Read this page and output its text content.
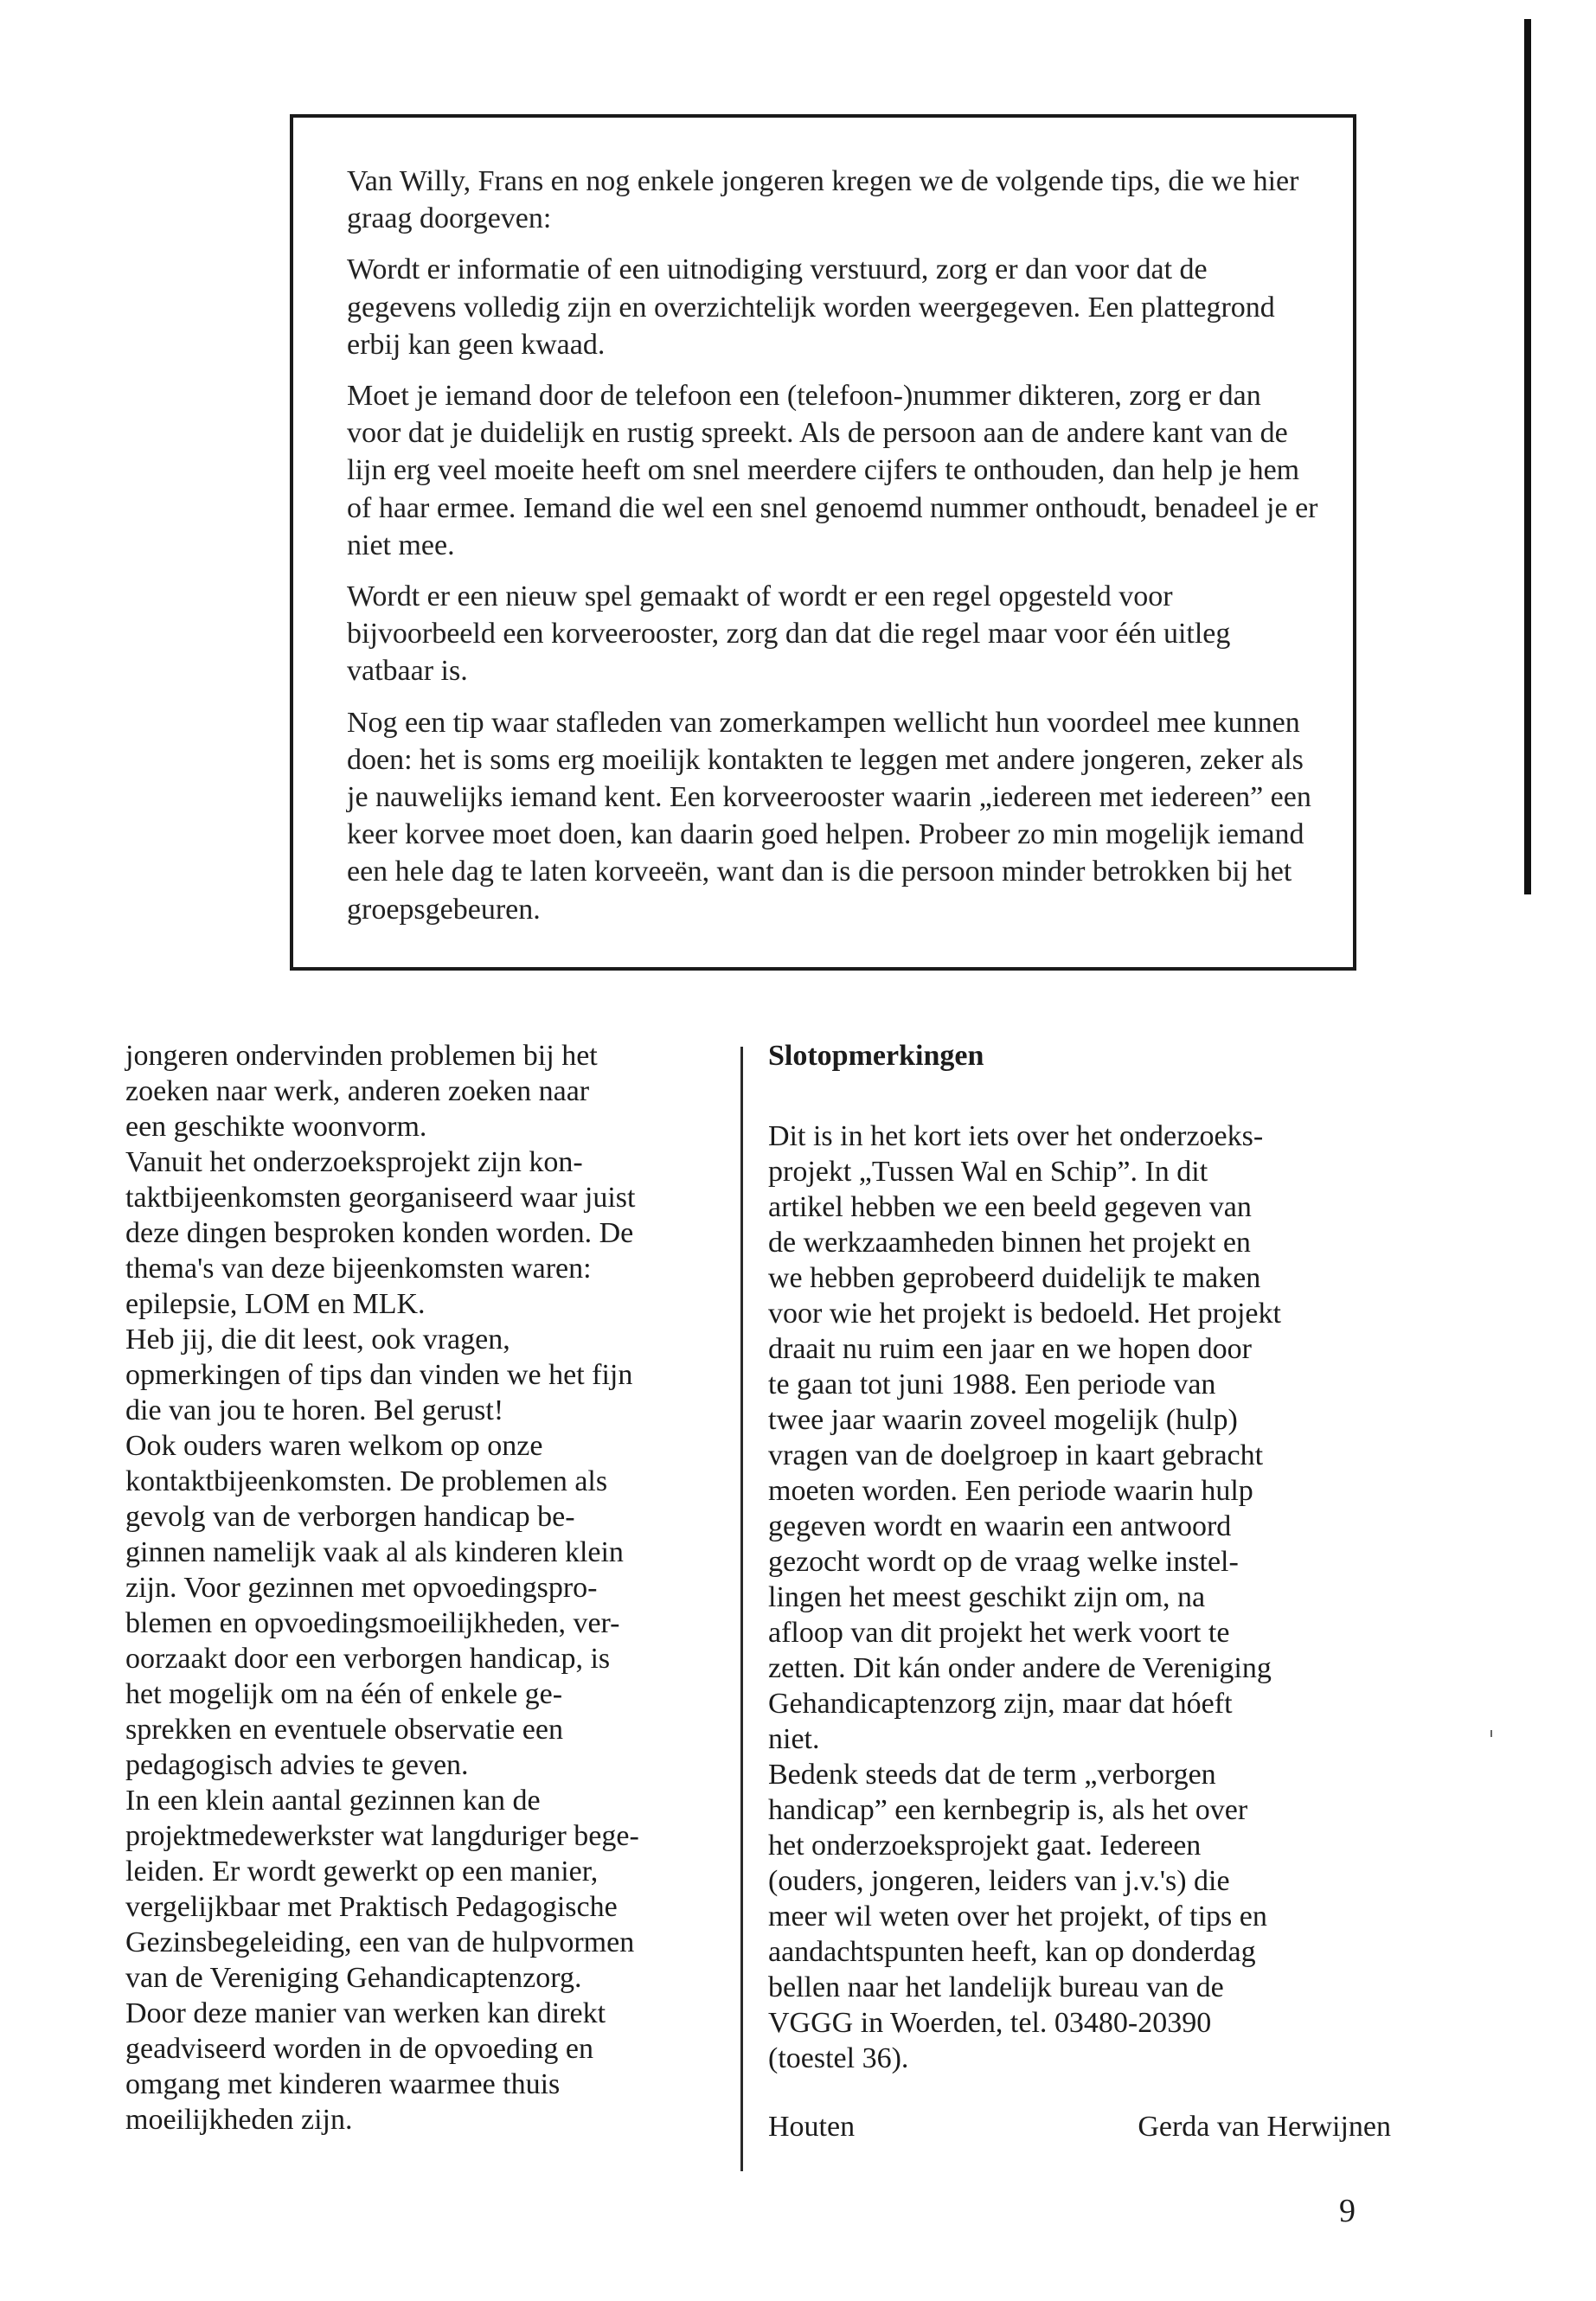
Van Willy, Frans en nog enkele jongeren kregen we de volgende tips, die we hier graag doorgeven:

Wordt er informatie of een uitnodiging verstuurd, zorg er dan voor dat de gegevens volledig zijn en overzichtelijk worden weergegeven. Een plattegrond erbij kan geen kwaad.

Moet je iemand door de telefoon een (telefoon-)nummer dikteren, zorg er dan voor dat je duidelijk en rustig spreekt. Als de persoon aan de andere kant van de lijn erg veel moeite heeft om snel meerdere cijfers te onthouden, dan help je hem of haar ermee. Iemand die wel een snel genoemd nummer onthoudt, benadeel je er niet mee.

Wordt er een nieuw spel gemaakt of wordt er een regel opgesteld voor bijvoorbeeld een korveerooster, zorg dan dat die regel maar voor één uitleg vatbaar is.

Nog een tip waar stafleden van zomerkampen wellicht hun voordeel mee kunnen doen: het is soms erg moeilijk kontakten te leggen met andere jongeren, zeker als je nauwelijks iemand kent. Een korveerooster waarin „iedereen met iedereen” een keer korvee moet doen, kan daarin goed helpen. Probeer zo min mogelijk iemand een hele dag te laten korveeën, want dan is die persoon minder betrokken bij het groepsgebeuren.

jongeren ondervinden problemen bij het

zoeken naar werk, anderen zoeken naar

een geschikte woonvorm.

Vanuit het onderzoeksprojekt zijn kon-

taktbijeenkomsten georganiseerd waar juist

deze dingen besproken konden worden. De

thema's van deze bijeenkomsten waren:

epilepsie, LOM en MLK.

Heb jij, die dit leest, ook vragen,

opmerkingen of tips dan vinden we het fijn

die van jou te horen. Bel gerust!

Ook ouders waren welkom op onze

kontaktbijeenkomsten. De problemen als

gevolg van de verborgen handicap be-

ginnen namelijk vaak al als kinderen klein

zijn. Voor gezinnen met opvoedingspro-

blemen en opvoedingsmoeilijkheden, ver-

oorzaakt door een verborgen handicap, is

het mogelijk om na één of enkele ge-

sprekken en eventuele observatie een

pedagogisch advies te geven.

In een klein aantal gezinnen kan de

projektmedewerkster wat langduriger bege-

leiden. Er wordt gewerkt op een manier,

vergelijkbaar met Praktisch Pedagogische

Gezinsbegeleiding, een van de hulpvormen

van de Vereniging Gehandicaptenzorg.

Door deze manier van werken kan direkt

geadviseerd worden in de opvoeding en

omgang met kinderen waarmee thuis

moeilijkheden zijn.

Slotopmerkingen

Dit is in het kort iets over het onderzoeks-

projekt „Tussen Wal en Schip”. In dit

artikel hebben we een beeld gegeven van

de werkzaamheden binnen het projekt en

we hebben geprobeerd duidelijk te maken

voor wie het projekt is bedoeld. Het projekt

draait nu ruim een jaar en we hopen door

te gaan tot juni 1988. Een periode van

twee jaar waarin zoveel mogelijk (hulp)

vragen van de doelgroep in kaart gebracht

moeten worden. Een periode waarin hulp

gegeven wordt en waarin een antwoord

gezocht wordt op de vraag welke instel-

lingen het meest geschikt zijn om, na

afloop van dit projekt het werk voort te

zetten. Dit kán onder andere de Vereniging

Gehandicaptenzorg zijn, maar dat hóeft

niet.

Bedenk steeds dat de term „verborgen

handicap” een kernbegrip is, als het over

het onderzoeksprojekt gaat. Iedereen

(ouders, jongeren, leiders van j.v.'s) die

meer wil weten over het projekt, of tips en

aandachtspunten heeft, kan op donderdag

bellen naar het landelijk bureau van de

VGGG in Woerden, tel. 03480-20390

(toestel 36).

Houten	Gerda van Herwijnen
9
